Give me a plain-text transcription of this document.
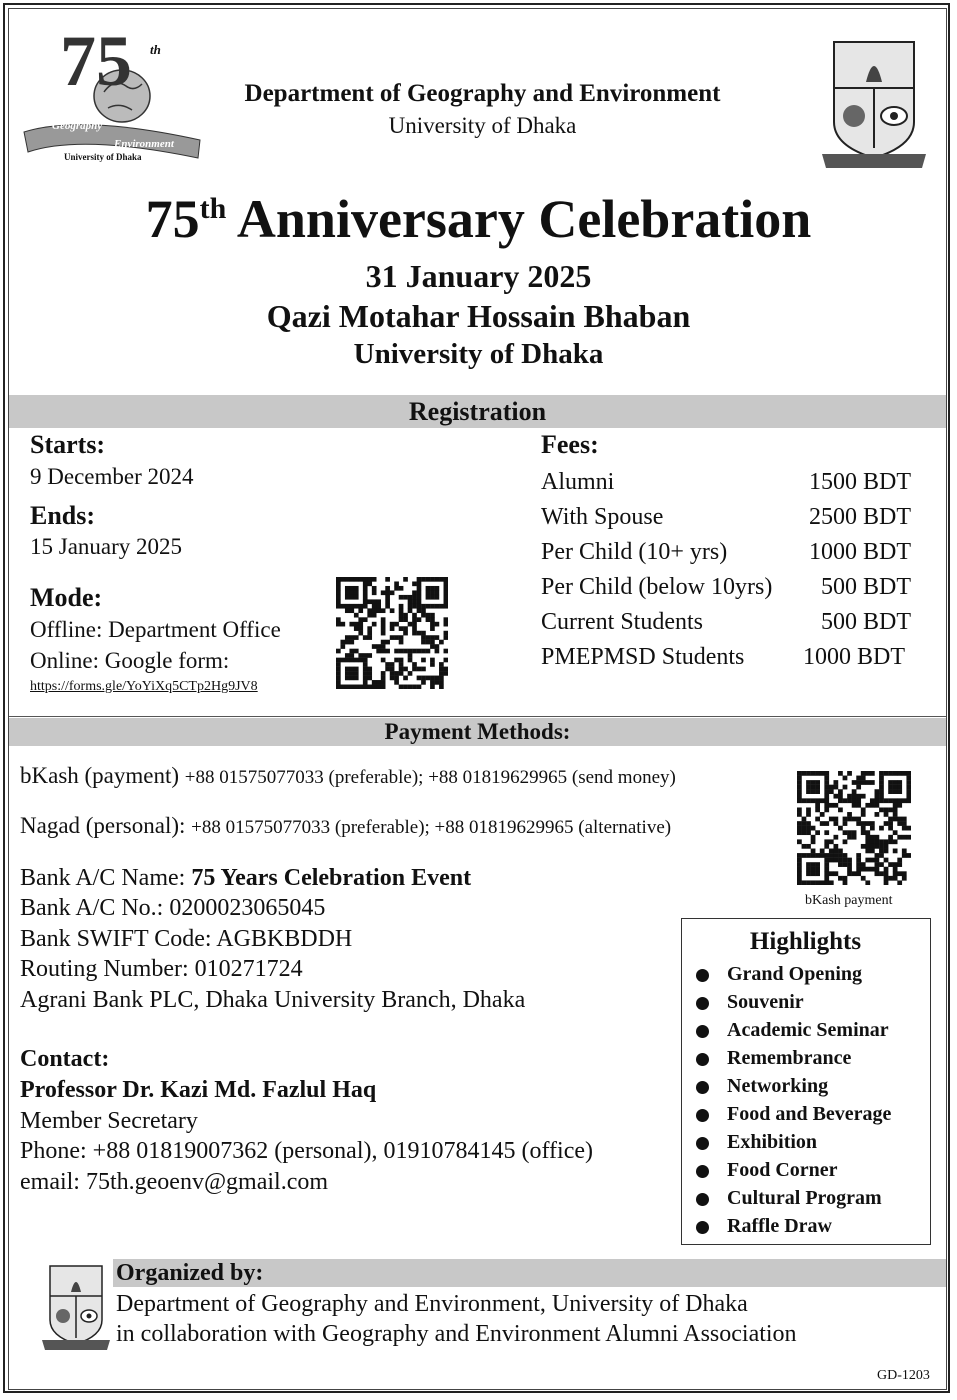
75 th
Geography
Environment
University of Dhaka
Department of Geography and Environment
University of Dhaka
75th Anniversary Celebration
31 January 2025
Qazi Motahar Hossain Bhaban
University of Dhaka
Registration
Starts:
9 December 2024
Ends:
15 January 2025
Mode:
Offline: Department Office
Online: Google form:
https://forms.gle/YoYiXq5CTp2Hg9JV8
Fees:
Alumni	1500 BDT
With Spouse	2500 BDT
Per Child (10+ yrs)	1000 BDT
Per Child (below 10yrs) 500 BDT
Current Students	500 BDT
PMEPMSD Students 1000 BDT
Payment Methods:
bKash (payment) +88 01575077033 (preferable); +88 01819629965 (send money)
Nagad (personal): +88 01575077033 (preferable); +88 01819629965 (alternative)
bKash payment
Bank A/C Name: 75 Years Celebration Event
Bank A/C No.: 0200023065045
Bank SWIFT Code: AGBKBDDH
Routing Number: 010271724
Agrani Bank PLC, Dhaka University Branch, Dhaka
Contact:
Professor Dr. Kazi Md. Fazlul Haq
Member Secretary
Phone: +88 01819007362 (personal), 01910784145 (office)
email: 75th.geoenv@gmail.com
Highlights
Grand Opening
Souvenir
Academic Seminar
Remembrance
Networking
Food and Beverage
Exhibition
Food Corner
Cultural Program
Raffle Draw
Organized by:
Department of Geography and Environment, University of Dhaka
in collaboration with Geography and Environment Alumni Association
GD-1203
